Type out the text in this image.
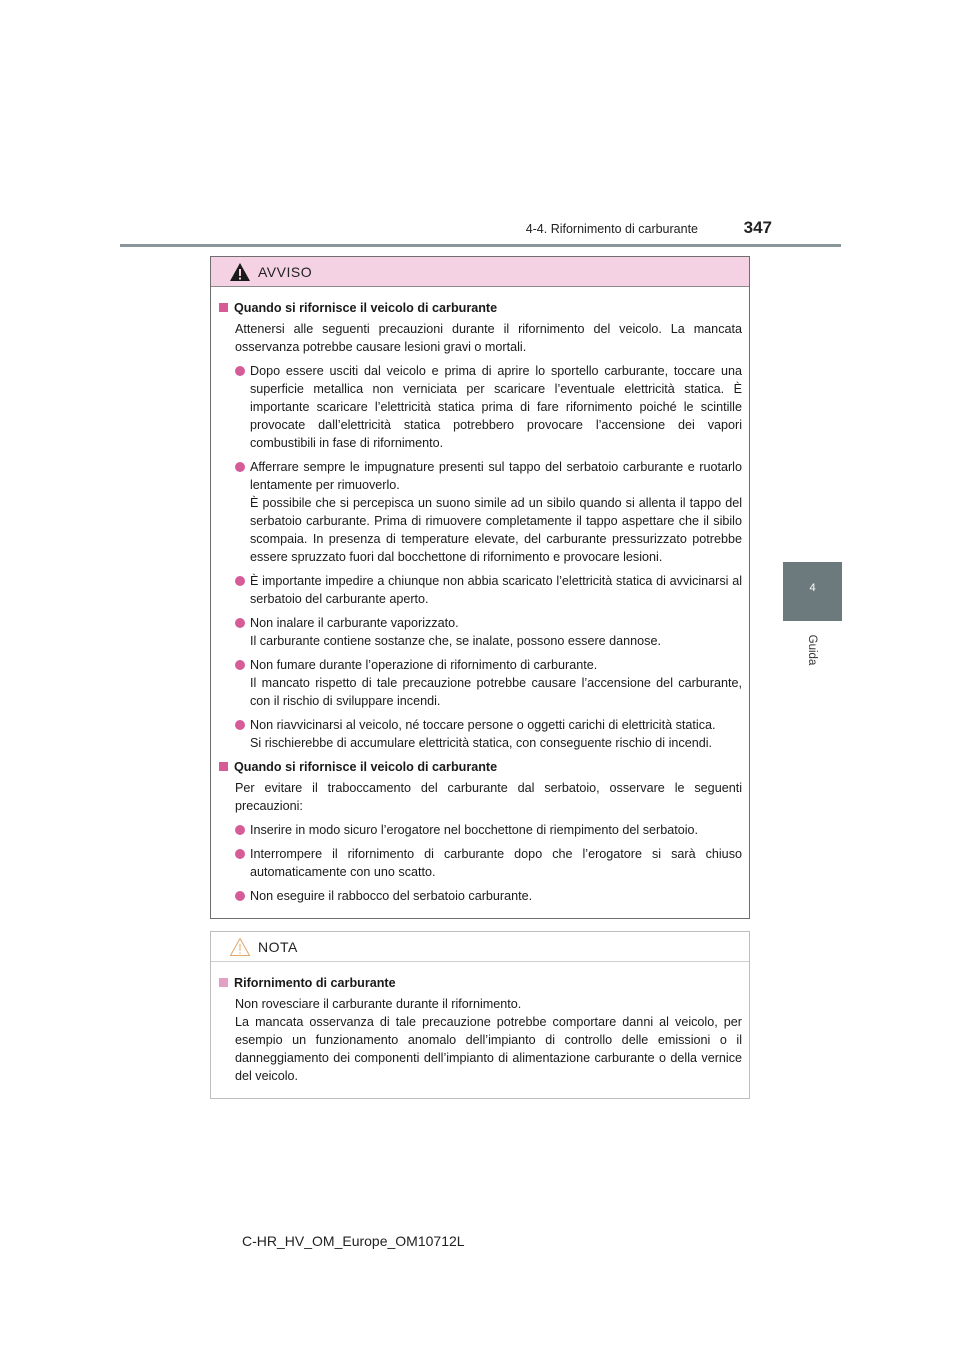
4-4. Rifornimento di carburante	347
4
Guida
AVVISO
Quando si rifornisce il veicolo di carburante
Attenersi alle seguenti precauzioni durante il rifornimento del veicolo. La mancata osservanza potrebbe causare lesioni gravi o mortali.
Dopo essere usciti dal veicolo e prima di aprire lo sportello carburante, toccare una superficie metallica non verniciata per scaricare l’eventuale elettricità statica. È importante scaricare l’elettricità statica prima di fare rifornimento poiché le scintille provocate dall’elettricità statica potrebbero provocare l’accensione dei vapori combustibili in fase di rifornimento.
Afferrare sempre le impugnature presenti sul tappo del serbatoio carburante e ruotarlo lentamente per rimuoverlo.
È possibile che si percepisca un suono simile ad un sibilo quando si allenta il tappo del serbatoio carburante. Prima di rimuovere completamente il tappo aspettare che il sibilo scompaia. In presenza di temperature elevate, del carburante pressurizzato potrebbe essere spruzzato fuori dal bocchettone di rifornimento e provocare lesioni.
È importante impedire a chiunque non abbia scaricato l’elettricità statica di avvicinarsi al serbatoio del carburante aperto.
Non inalare il carburante vaporizzato.
Il carburante contiene sostanze che, se inalate, possono essere dannose.
Non fumare durante l’operazione di rifornimento di carburante.
Il mancato rispetto di tale precauzione potrebbe causare l’accensione del carburante, con il rischio di sviluppare incendi.
Non riavvicinarsi al veicolo, né toccare persone o oggetti carichi di elettricità statica.
Si rischierebbe di accumulare elettricità statica, con conseguente rischio di incendi.
Quando si rifornisce il veicolo di carburante
Per evitare il traboccamento del carburante dal serbatoio, osservare le seguenti precauzioni:
Inserire in modo sicuro l’erogatore nel bocchettone di riempimento del serbatoio.
Interrompere il rifornimento di carburante dopo che l’erogatore si sarà chiuso automaticamente con uno scatto.
Non eseguire il rabbocco del serbatoio carburante.
NOTA
Rifornimento di carburante
Non rovesciare il carburante durante il rifornimento.
La mancata osservanza di tale precauzione potrebbe comportare danni al veicolo, per esempio un funzionamento anomalo dell’impianto di controllo delle emissioni o il danneggiamento dei componenti dell’impianto di alimentazione carburante o della vernice del veicolo.
C-HR_HV_OM_Europe_OM10712L
